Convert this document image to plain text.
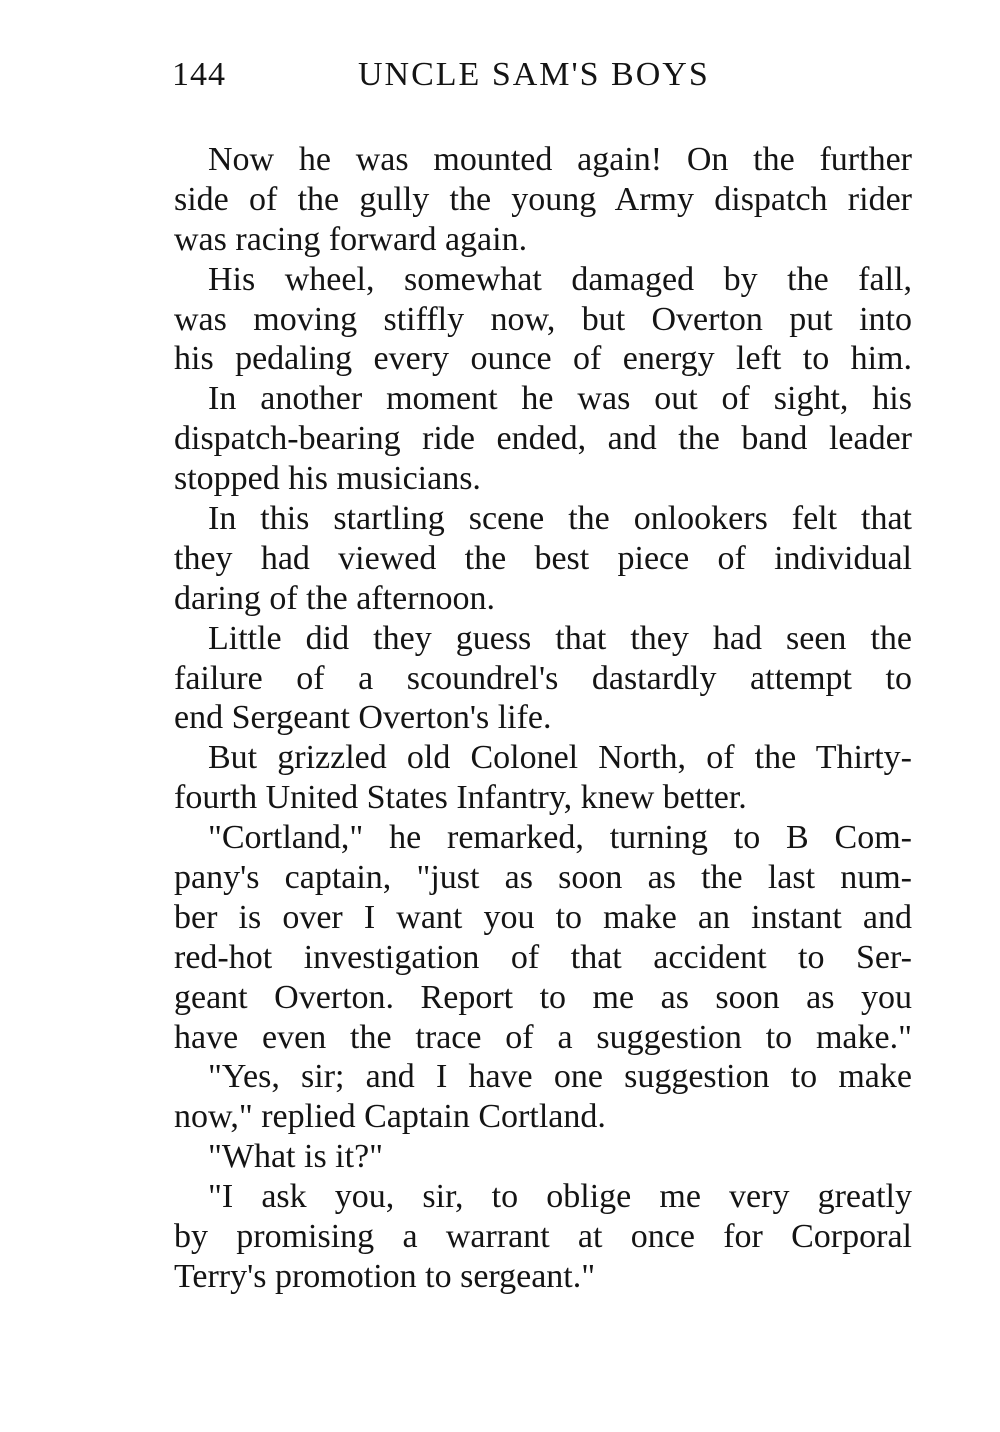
144	UNCLE SAM'S BOYS
Now he was mounted again! On the further
side of the gully the young Army dispatch rider
was racing forward again.
His wheel, somewhat damaged by the fall,
was moving stiffly now, but Overton put into
his pedaling every ounce of energy left to him.
In another moment he was out of sight, his
dispatch-bearing ride ended, and the band leader
stopped his musicians.
In this startling scene the onlookers felt that
they had viewed the best piece of individual
daring of the afternoon.
Little did they guess that they had seen the
failure of a scoundrel's dastardly attempt to
end Sergeant Overton's life.
But grizzled old Colonel North, of the Thirty-
fourth United States Infantry, knew better.
"Cortland," he remarked, turning to B Com-
pany's captain, "just as soon as the last num-
ber is over I want you to make an instant and
red-hot investigation of that accident to Ser-
geant Overton. Report to me as soon as you
have even the trace of a suggestion to make."
"Yes, sir; and I have one suggestion to make
now," replied Captain Cortland.
"What is it?"
"I ask you, sir, to oblige me very greatly
by promising a warrant at once for Corporal
Terry's promotion to sergeant."
